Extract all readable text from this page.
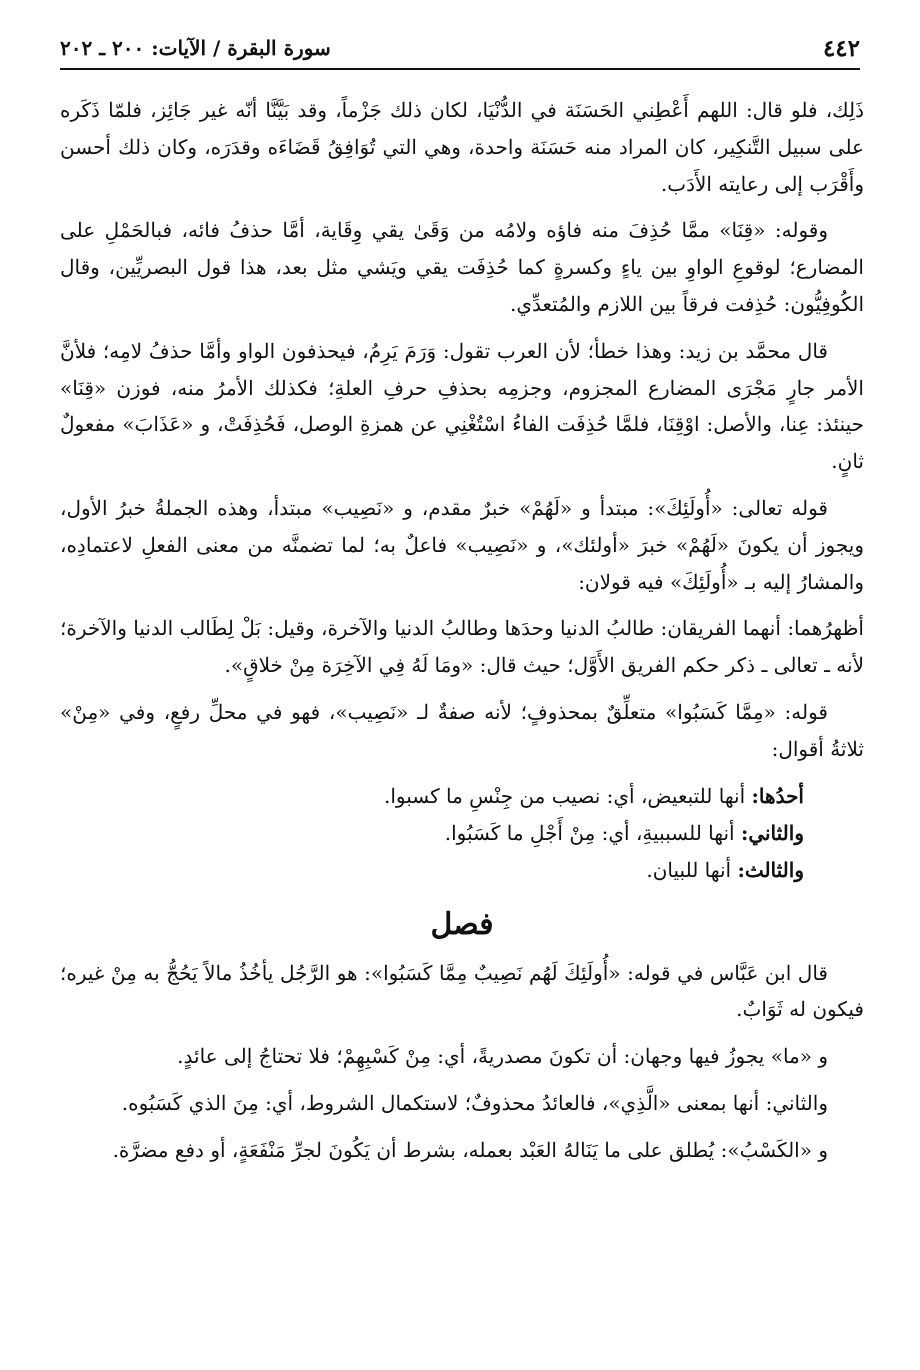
٤٤٢
سورة البقرة / الآيات: ٢٠٠ ـ ٢٠٢

ذَلِك، فلو قال: اللهم أَعْطِني الحَسَنَة في الدُّنْيَا، لكان ذلك جَزْماً، وقد بَيَّنَّا أنّه غير جَائِز، فلمّا ذَكَره على سبيل التَّنكِير، كان المراد منه حَسَنَة واحدة، وهي التي تُوَافِقُ قَضَاءَه وقدَرَه، وكان ذلك أحسن وأَقْرَب إلى رعايته الأَدَب.

وقوله: «قِنَا» ممَّا حُذِفَ منه فاؤه ولامُه من وَقَىٰ يقي وِقَاية، أمَّا حذفُ فائه، فبالحَمْلِ على المضارع؛ لوقوعِ الواوِ بين ياءٍ وكسرةٍ كما حُذِفَت يقي ويَشي مثل بعد، هذا قول البصريِّين، وقال الكُوفِيُّون: حُذِفت فرقاً بين اللازم والمُتعدِّي.

قال محمَّد بن زيد: وهذا خطأ؛ لأن العرب تقول: وَرَمَ يَرِمُ، فيحذفون الواو وأمَّا حذفُ لامِه؛ فلأنَّ الأمر جارٍ مَجْرَى المضارع المجزوم، وجزمِه بحذفِ حرفِ العلةِ؛ فكذلك الأمرُ منه، فوزن «قِنَا» حينئذ: عِنا، والأصل: اوْقِنَا، فلمَّا حُذِفَت الفاءُ اسْتُغْنِي عن همزةِ الوصل، فَحُذِفَتْ، و «عَذَابَ» مفعولٌ ثانٍ.

قوله تعالى: «أُولَئِكَ»: مبتدأ و «لَهُمْ» خبرٌ مقدم، و «نَصِيب» مبتدأ، وهذه الجملةُ خبرُ الأول، ويجوز أن يكونَ «لَهُمْ» خبرَ «أولئك»، و «نَصِيب» فاعلٌ به؛ لما تضمنَّه من معنى الفعلِ لاعتمادِه، والمشارُ إليه بـ «أُولَئِكَ» فيه قولان:

أظهرُهما: أنهما الفريقان: طالبُ الدنيا وحدَها وطالبُ الدنيا والآخرة، وقيل: بَلْ لِطَالب الدنيا والآخرة؛ لأنه ـ تعالى ـ ذكر حكم الفريق الأَوَّل؛ حيث قال: «ومَا لَهُ فِي الآخِرَة مِنْ خلاقٍ».

قوله: «مِمَّا كَسَبُوا» متعلِّقٌ بمحذوفٍ؛ لأنه صفةٌ لـ «نَصِيب»، فهو في محلِّ رفعٍ، وفي «مِنْ» ثلاثةُ أقوال:

أحدُها: أنها للتبعيض، أي: نصيب من جِنْسِ ما كسبوا.
والثاني: أنها للسببيةِ، أي: مِنْ أَجْلِ ما كَسَبُوا.
والثالث: أنها للبيان.
فصل

قال ابن عَبَّاس في قوله: «أُولَئِكَ لَهُم نَصِيبٌ مِمَّا كَسَبُوا»: هو الرَّجُل يأخُذُ مالاً يَحُجُّ به مِنْ غيره؛ فيكون له ثَوَابٌ.

و «ما» يجوزُ فيها وجهان: أن تكونَ مصدريةً، أي: مِنْ كَسْبِهِمْ؛ فلا تحتاجُ إلى عائدٍ.

والثاني: أنها بمعنى «الَّذِي»، فالعائدُ محذوفٌ؛ لاستكمال الشروط، أي: مِنَ الذي كَسَبُوه.

و «الكَسْبُ»: يُطلق على ما يَنَالهُ العَبْد بعمله، بشرط أن يَكُونَ لجرِّ مَنْفَعَةٍ، أو دفع مضرَّة.
